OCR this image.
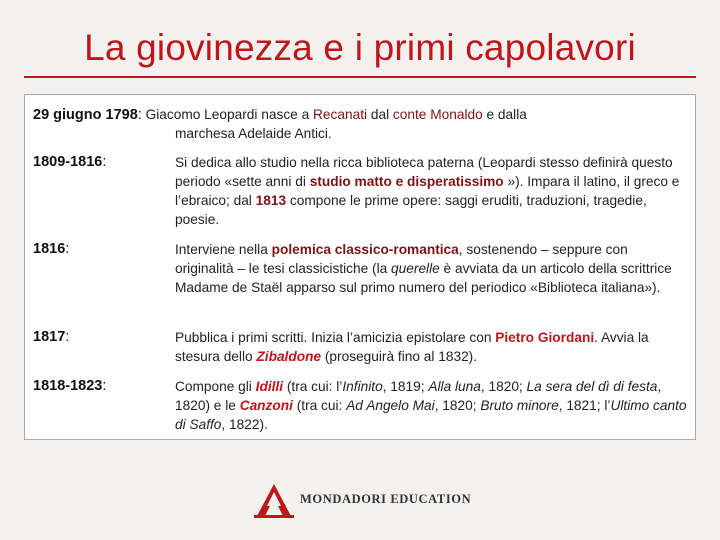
La giovinezza e i primi capolavori
29 giugno 1798: Giacomo Leopardi nasce a Recanati dal conte Monaldo e dalla
marchesa Adelaide Antici.
1809-1816:	Si dedica allo studio nella ricca biblioteca paterna (Leopardi stesso definirà questo periodo «sette anni di studio matto e disperatissimo »). Impara il latino, il greco e l’ebraico; dal 1813 compone le prime opere: saggi eruditi, traduzioni, tragedie, poesie.
1816:	Interviene nella polemica classico-romantica, sostenendo – seppure con originalità – le tesi classicistiche (la querelle è avviata da un articolo della scrittrice Madame de Staël apparso sul primo numero del periodico «Biblioteca italiana»).
1817:	Pubblica i primi scritti. Inizia l’amicizia epistolare con Pietro Giordani. Avvia la stesura dello Zibaldone (proseguirà fino al 1832).
1818-1823:	Compone gli Idilli (tra cui: l’Infinito, 1819; Alla luna, 1820; La sera del dì di festa, 1820) e le Canzoni (tra cui: Ad Angelo Mai, 1820; Bruto minore, 1821; l’Ultimo canto di Saffo, 1822).
MONDADORI EDUCATION
